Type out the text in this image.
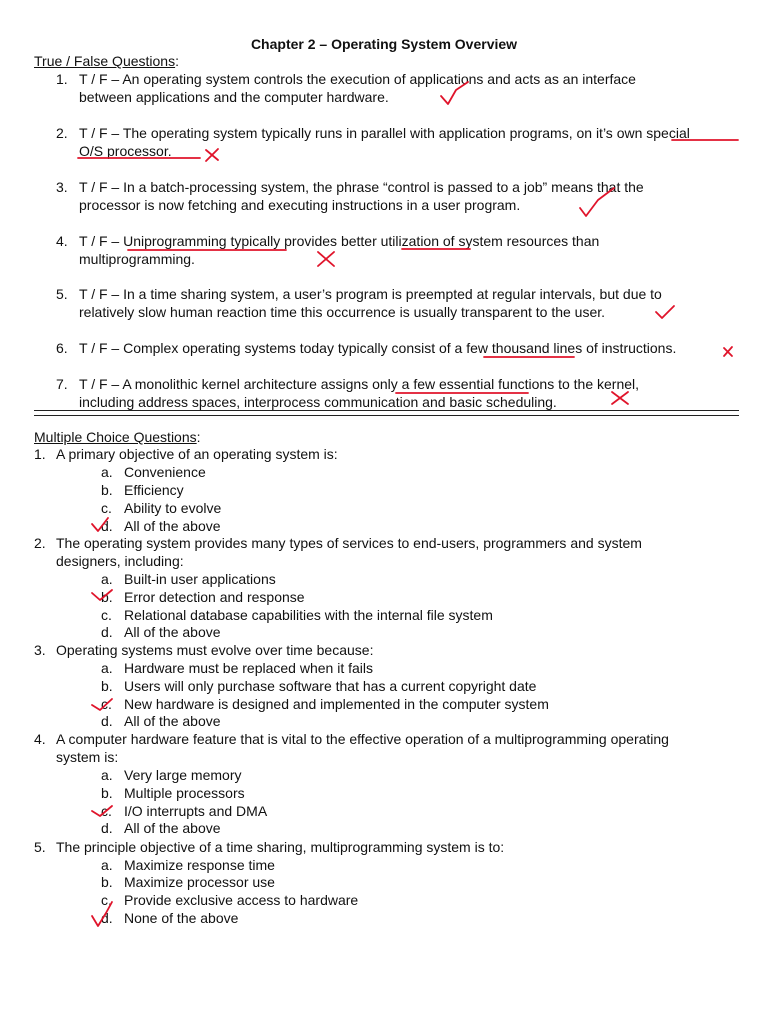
Chapter 2 – Operating System Overview
True / False Questions:
1. T / F – An operating system controls the execution of applications and acts as an interface
between applications and the computer hardware.
2. T / F – The operating system typically runs in parallel with application programs, on it’s own special
O/S processor.
3. T / F – In a batch-processing system, the phrase “control is passed to a job” means that the
processor is now fetching and executing instructions in a user program.
4. T / F – Uniprogramming typically provides better utilization of system resources than
multiprogramming.
5. T / F – In a time sharing system, a user’s program is preempted at regular intervals, but due to
relatively slow human reaction time this occurrence is usually transparent to the user.
6. T / F – Complex operating systems today typically consist of a few thousand lines of instructions.
7. T / F – A monolithic kernel architecture assigns only a few essential functions to the kernel,
including address spaces, interprocess communication and basic scheduling.
Multiple Choice Questions:
1. A primary objective of an operating system is:
a. Convenience
b. Efficiency
c. Ability to evolve
d. All of the above
2. The operating system provides many types of services to end-users, programmers and system
designers, including:
a. Built-in user applications
b. Error detection and response
c. Relational database capabilities with the internal file system
d. All of the above
3. Operating systems must evolve over time because:
a. Hardware must be replaced when it fails
b. Users will only purchase software that has a current copyright date
c. New hardware is designed and implemented in the computer system
d. All of the above
4. A computer hardware feature that is vital to the effective operation of a multiprogramming operating
system is:
a. Very large memory
b. Multiple processors
c. I/O interrupts and DMA
d. All of the above
5. The principle objective of a time sharing, multiprogramming system is to:
a. Maximize response time
b. Maximize processor use
c. Provide exclusive access to hardware
d. None of the above
